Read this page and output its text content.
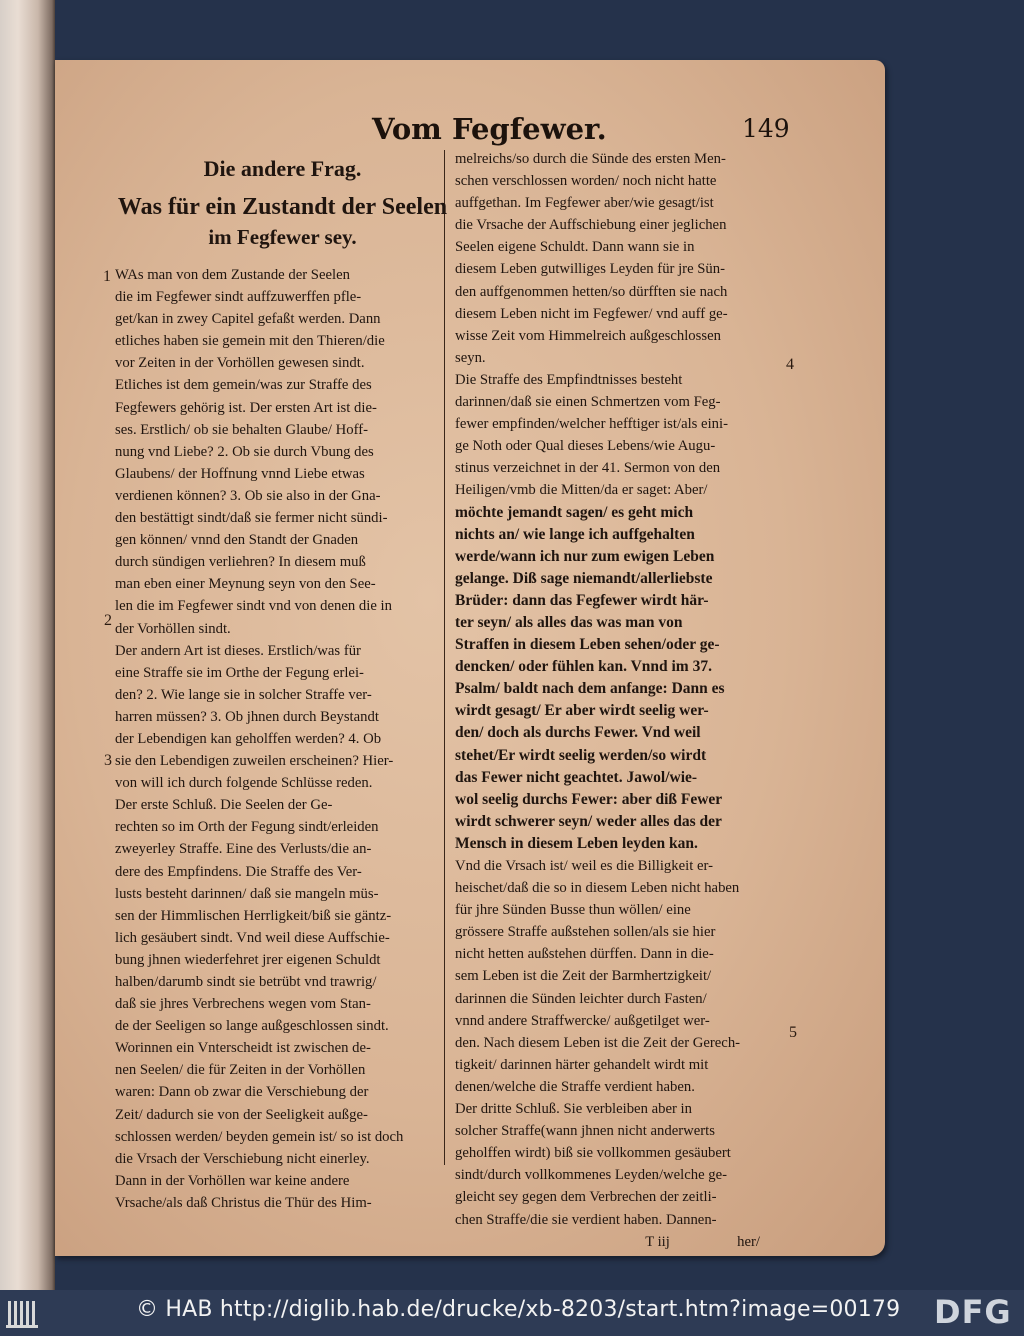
Vom Fegfewer.	149
Die andere Frag.
Was für ein Zustandt der Seelen
im Fegfewer sey.
WAs man von dem Zustande der Seelen
die im Fegfewer sindt auffzuwerffen pfle-
get/kan in zwey Capitel gefaßt werden. Dann
etliches haben sie gemein mit den Thieren/die
vor Zeiten in der Vorhöllen gewesen sindt.
Etliches ist dem gemein/was zur Straffe des
Fegfewers gehörig ist. Der ersten Art ist die-
ses. Erstlich/ ob sie behalten Glaube/ Hoff-
nung vnd Liebe? 2. Ob sie durch Vbung des
Glaubens/ der Hoffnung vnnd Liebe etwas
verdienen können? 3. Ob sie also in der Gna-
den bestättigt sindt/daß sie fermer nicht sündi-
gen können/ vnnd den Standt der Gnaden
durch sündigen verliehren? In diesem muß
man eben einer Meynung seyn von den See-
len die im Fegfewer sindt vnd von denen die in
der Vorhöllen sindt.
Der andern Art ist dieses. Erstlich/was für
eine Straffe sie im Orthe der Fegung erlei-
den? 2. Wie lange sie in solcher Straffe ver-
harren müssen? 3. Ob jhnen durch Beystandt
der Lebendigen kan geholffen werden? 4. Ob
sie den Lebendigen zuweilen erscheinen? Hier-
von will ich durch folgende Schlüsse reden.
Der erste Schluß. Die Seelen der Ge-
rechten so im Orth der Fegung sindt/erleiden
zweyerley Straffe. Eine des Verlusts/die an-
dere des Empfindens. Die Straffe des Ver-
lusts besteht darinnen/ daß sie mangeln müs-
sen der Himmlischen Herrligkeit/biß sie gäntz-
lich gesäubert sindt. Vnd weil diese Auffschie-
bung jhnen wiederfehret jrer eigenen Schuldt
halben/darumb sindt sie betrübt vnd trawrig/
daß sie jhres Verbrechens wegen vom Stan-
de der Seeligen so lange außgeschlossen sindt.
Worinnen ein Vnterscheidt ist zwischen de-
nen Seelen/ die für Zeiten in der Vorhöllen
waren: Dann ob zwar die Verschiebung der
Zeit/ dadurch sie von der Seeligkeit außge-
schlossen werden/ beyden gemein ist/ so ist doch
die Vrsach der Verschiebung nicht einerley.
Dann in der Vorhöllen war keine andere
Vrsache/als daß Christus die Thür des Him-
melreichs/so durch die Sünde des ersten Men-
schen verschlossen worden/ noch nicht hatte
auffgethan. Im Fegfewer aber/wie gesagt/ist
die Vrsache der Auffschiebung einer jeglichen
Seelen eigene Schuldt. Dann wann sie in
diesem Leben gutwilliges Leyden für jre Sün-
den auffgenommen hetten/so dürfften sie nach
diesem Leben nicht im Fegfewer/ vnd auff ge-
wisse Zeit vom Himmelreich außgeschlossen
seyn.
Die Straffe des Empfindtnisses besteht
darinnen/daß sie einen Schmertzen vom Feg-
fewer empfinden/welcher hefftiger ist/als eini-
ge Noth oder Qual dieses Lebens/wie Augu-
stinus verzeichnet in der 41. Sermon von den
Heiligen/vmb die Mitten/da er saget: Aber/
möchte jemandt sagen/ es geht mich
nichts an/ wie lange ich auffgehalten
werde/wann ich nur zum ewigen Leben
gelange. Diß sage niemandt/allerliebste
Brüder: dann das Fegfewer wirdt här-
ter seyn/ als alles das was man von
Straffen in diesem Leben sehen/oder ge-
dencken/ oder fühlen kan. Vnnd im 37.
Psalm/ baldt nach dem anfange: Dann es
wirdt gesagt/ Er aber wirdt seelig wer-
den/ doch als durchs Fewer. Vnd weil
stehet/Er wirdt seelig werden/so wirdt
das Fewer nicht geachtet. Jawol/wie-
wol seelig durchs Fewer: aber diß Fewer
wirdt schwerer seyn/ weder alles das der
Mensch in diesem Leben leyden kan.
Vnd die Vrsach ist/ weil es die Billigkeit er-
heischet/daß die so in diesem Leben nicht haben
für jhre Sünden Busse thun wöllen/ eine
grössere Straffe außstehen sollen/als sie hier
nicht hetten außstehen dürffen. Dann in die-
sem Leben ist die Zeit der Barmhertzigkeit/
darinnen die Sünden leichter durch Fasten/
vnnd andere Straffwercke/ außgetilget wer-
den. Nach diesem Leben ist die Zeit der Gerech-
tigkeit/ darinnen härter gehandelt wirdt mit
denen/welche die Straffe verdient haben.
Der dritte Schluß. Sie verbleiben aber in
solcher Straffe(wann jhnen nicht anderwerts
geholffen wirdt) biß sie vollkommen gesäubert
sindt/durch vollkommenes Leyden/welche ge-
gleicht sey gegen dem Verbrechen der zeitli-
chen Straffe/die sie verdient haben. Dannen-
T iij	her/
1
2
3
4
5
© HAB http://diglib.hab.de/drucke/xb-8203/start.htm?image=00179 DFG
